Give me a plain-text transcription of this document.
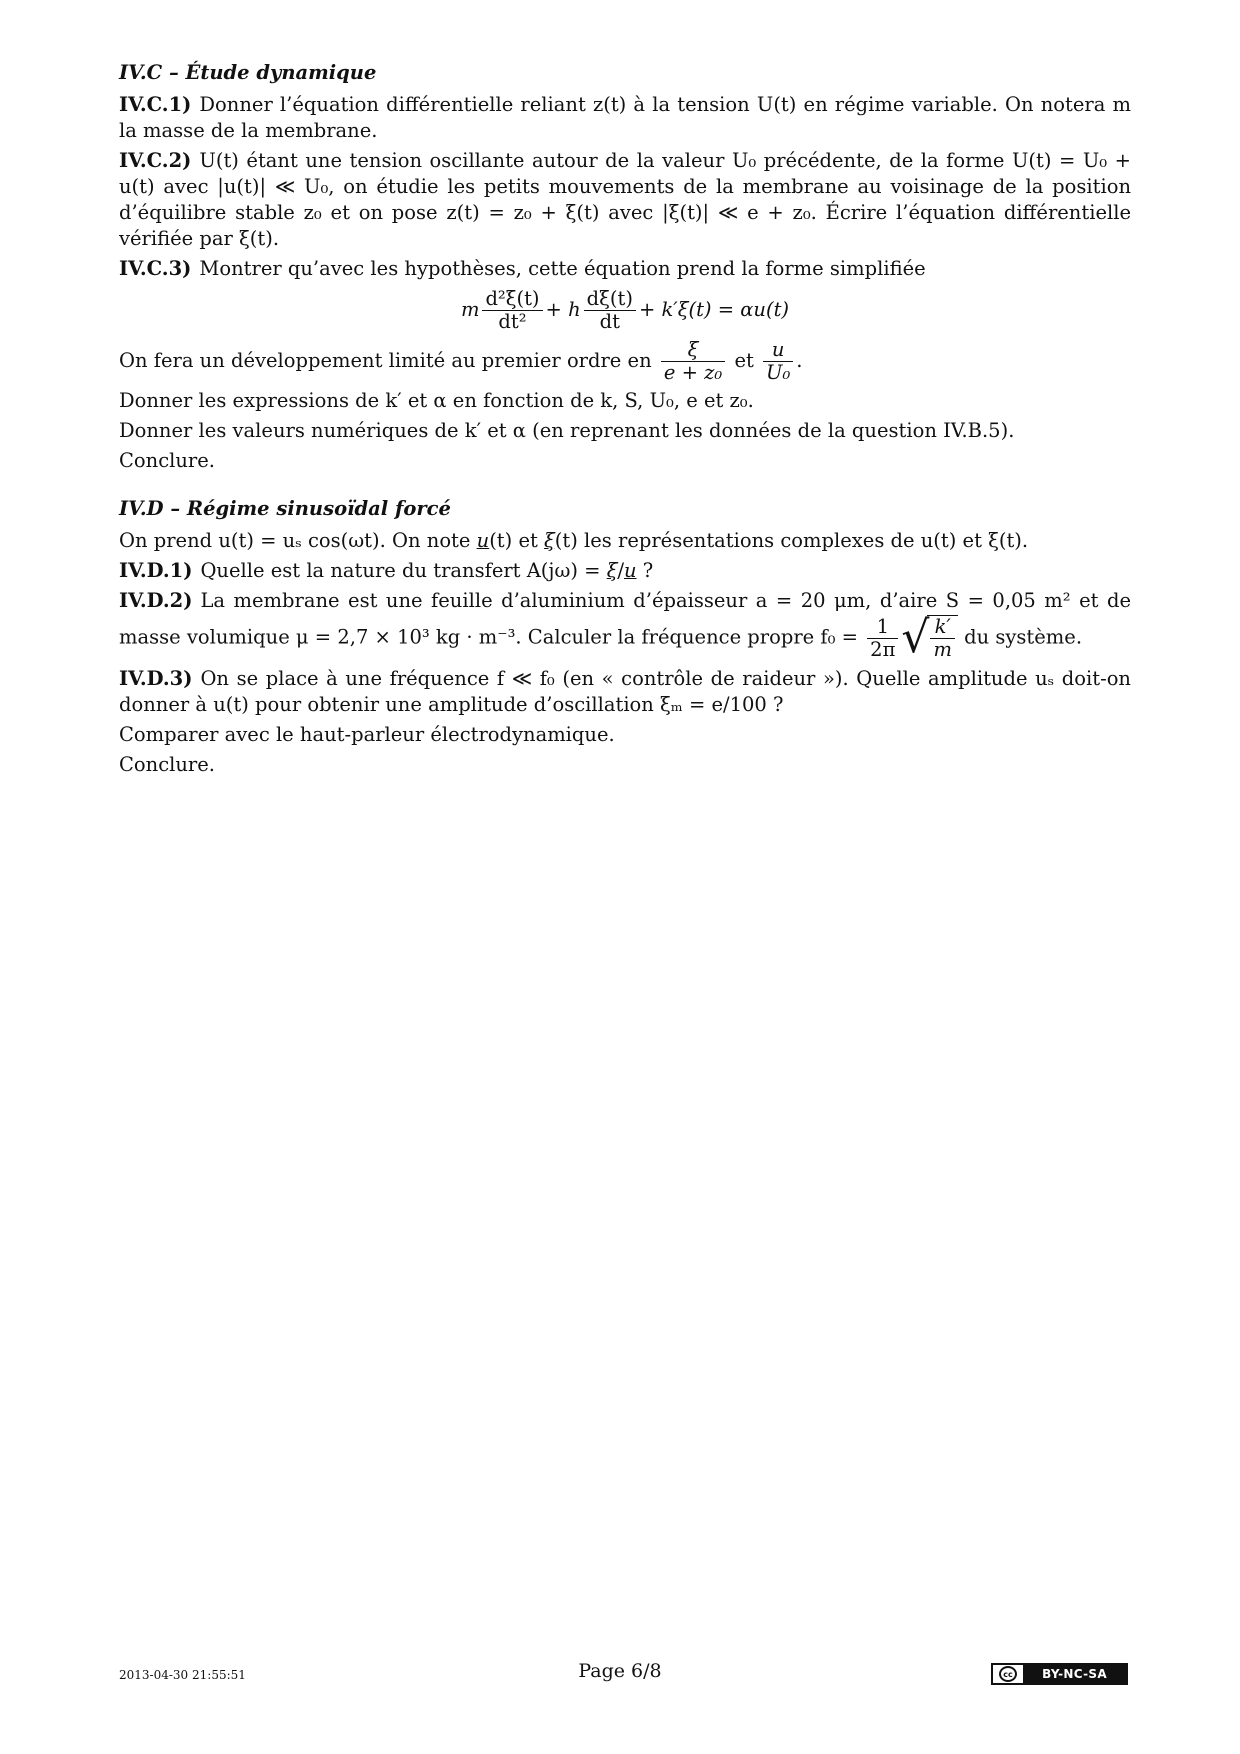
IV.C – Étude dynamique

IV.C.1) Donner l’équation différentielle reliant z(t) à la tension U(t) en régime variable. On notera m la masse de la membrane.

IV.C.2) U(t) étant une tension oscillante autour de la valeur U₀ précédente, de la forme U(t) = U₀ + u(t) avec |u(t)| ≪ U₀, on étudie les petits mouvements de la membrane au voisinage de la position d’équilibre stable z₀ et on pose z(t) = z₀ + ξ(t) avec |ξ(t)| ≪ e + z₀. Écrire l’équation différentielle vérifiée par ξ(t).

IV.C.3) Montrer qu’avec les hypothèses, cette équation prend la forme simplifiée

m $\frac{\text{d²ξ(t)}}{\text{dt²}} + h \frac{d\xi(t)}{dt} + k'\xi(t) = \alpha u(t)$

On fera un développement limité au premier ordre en $\frac{\xi}{\text{e + z₀}}$ et $\frac{u}{\text{U₀}}$ .

Donner les expressions de k′ et α en fonction de k, S, U₀, e et z₀.

Donner les valeurs numériques de k′ et α (en reprenant les données de la question IV.B.5).

Conclure.

IV.D – Régime sinusoïdal forcé

On prend u(t) = uₛ cos(ωt). On note u(t) et ξ(t) les représentations complexes de u(t) et ξ(t).

IV.D.1) Quelle est la nature du transfert A(jω) = ξ/u ?

IV.D.2) La membrane est une feuille d’aluminium d’épaisseur a = 20 μm, d’aire S = 0,05 m² et de masse volumique μ = 2,7 × 10³ kg · m⁻³. Calculer la fréquence propre $f_0 = \frac{1}{2\pi}$ √ $\frac{k'}{m}$ du système.

IV.D.3) On se place à une fréquence f ≪ f₀ (en « contrôle de raideur »). Quelle amplitude uₛ doit-on donner à u(t) pour obtenir une amplitude d’oscillation ξₘ = e/100 ?

Comparer avec le haut-parleur électrodynamique.

Conclure.

2013-04-30 21:55:51	Page 6/8	cc	BY-NC-SA
